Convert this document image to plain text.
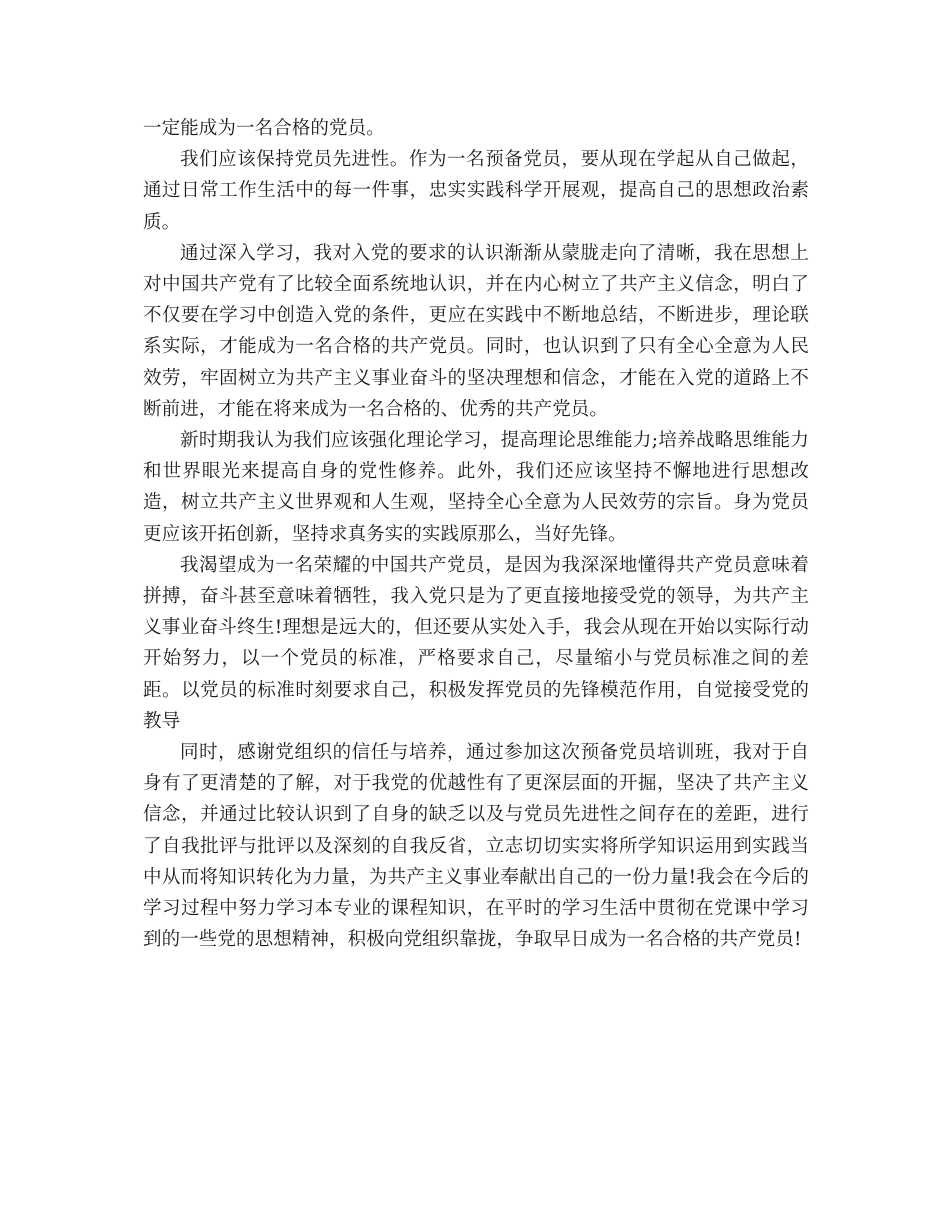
一定能成为一名合格的党员。

我们应该保持党员先进性。作为一名预备党员，要从现在学起从自己做起，通过日常工作生活中的每一件事，忠实实践科学开展观，提高自己的思想政治素质。

通过深入学习，我对入党的要求的认识渐渐从蒙胧走向了清晰，我在思想上对中国共产党有了比较全面系统地认识，并在内心树立了共产主义信念，明白了不仅要在学习中创造入党的条件，更应在实践中不断地总结，不断进步，理论联系实际，才能成为一名合格的共产党员。同时，也认识到了只有全心全意为人民效劳，牢固树立为共产主义事业奋斗的坚决理想和信念，才能在入党的道路上不断前进，才能在将来成为一名合格的、优秀的共产党员。

新时期我认为我们应该强化理论学习，提高理论思维能力;培养战略思维能力和世界眼光来提高自身的党性修养。此外，我们还应该坚持不懈地进行思想改造，树立共产主义世界观和人生观，坚持全心全意为人民效劳的宗旨。身为党员更应该开拓创新，坚持求真务实的实践原那么，当好先锋。

我渴望成为一名荣耀的中国共产党员，是因为我深深地懂得共产党员意味着拼搏，奋斗甚至意味着牺牲，我入党只是为了更直接地接受党的领导，为共产主义事业奋斗终生!理想是远大的，但还要从实处入手，我会从现在开始以实际行动开始努力，以一个党员的标准，严格要求自己，尽量缩小与党员标准之间的差距。以党员的标准时刻要求自己，积极发挥党员的先锋模范作用，自觉接受党的教导

同时，感谢党组织的信任与培养，通过参加这次预备党员培训班，我对于自身有了更清楚的了解，对于我党的优越性有了更深层面的开掘，坚决了共产主义信念，并通过比较认识到了自身的缺乏以及与党员先进性之间存在的差距，进行了自我批评与批评以及深刻的自我反省，立志切切实实将所学知识运用到实践当中从而将知识转化为力量，为共产主义事业奉献出自己的一份力量!我会在今后的学习过程中努力学习本专业的课程知识，在平时的学习生活中贯彻在党课中学习到的一些党的思想精神，积极向党组织靠拢，争取早日成为一名合格的共产党员!
